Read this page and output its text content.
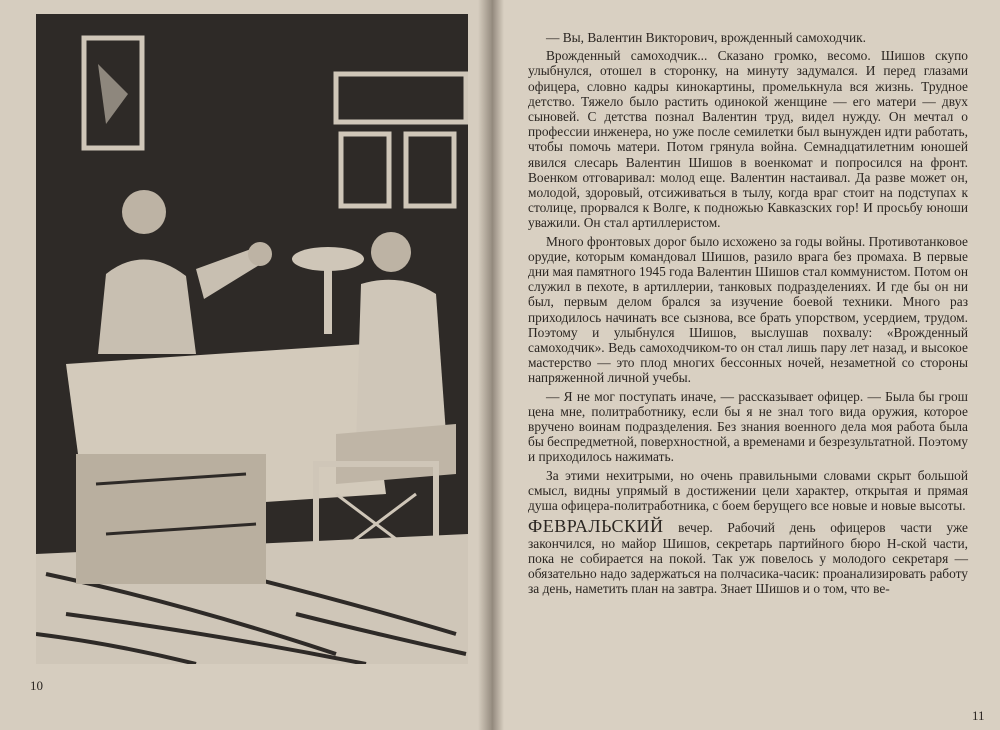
10

— Вы, Валентин Викторович, врожденный самоходчик.

Врожденный самоходчик... Сказано громко, весомо. Шишов скупо улыбнулся, отошел в сторонку, на минуту задумался. И перед глазами офицера, словно кадры кинокартины, промелькнула вся жизнь. Трудное детство. Тяжело было растить одинокой женщине — его матери — двух сыновей. С детства познал Валентин труд, видел нужду. Он мечтал о профессии инженера, но уже после семилетки был вынужден идти работать, чтобы помочь матери. Потом грянула война. Семнадцатилетним юношей явился слесарь Валентин Шишов в военкомат и попросился на фронт. Военком отговаривал: молод еще. Валентин настаивал. Да разве может он, молодой, здоровый, отсиживаться в тылу, когда враг стоит на подступах к столице, прорвался к Волге, к подножью Кавказских гор! И просьбу юноши уважили. Он стал артиллеристом.

Много фронтовых дорог было исхожено за годы войны. Противотанковое орудие, которым командовал Шишов, разило врага без промаха. В первые дни мая памятного 1945 года Валентин Шишов стал коммунистом. Потом он служил в пехоте, в артиллерии, танковых подразделениях. И где бы он ни был, первым делом брался за изучение боевой техники. Много раз приходилось начинать все сызнова, все брать упорством, усердием, трудом. Поэтому и улыбнулся Шишов, выслушав похвалу: «Врожденный самоходчик». Ведь самоходчиком-то он стал лишь пару лет назад, и высокое мастерство — это плод многих бессонных ночей, незаметной со стороны напряженной личной учебы.

— Я не мог поступать иначе, — рассказывает офицер. — Была бы грош цена мне, политработнику, если бы я не знал того вида оружия, которое вручено воинам подразделения. Без знания военного дела моя работа была бы беспредметной, поверхностной, а временами и безрезультатной. Поэтому и приходилось нажимать.

За этими нехитрыми, но очень правильными словами скрыт большой смысл, видны упрямый в достижении цели характер, открытая и прямая душа офицера-политработника, с боем берущего все новые и новые высоты.

ФЕВРАЛЬСКИЙ вечер. Рабочий день офицеров части уже закончился, но майор Шишов, секретарь партийного бюро Н-ской части, пока не собирается на покой. Так уж повелось у молодого секретаря — обязательно надо задержаться на полчасика-часик: проанализировать работу за день, наметить план на завтра. Знает Шишов и о том, что ве-

11
